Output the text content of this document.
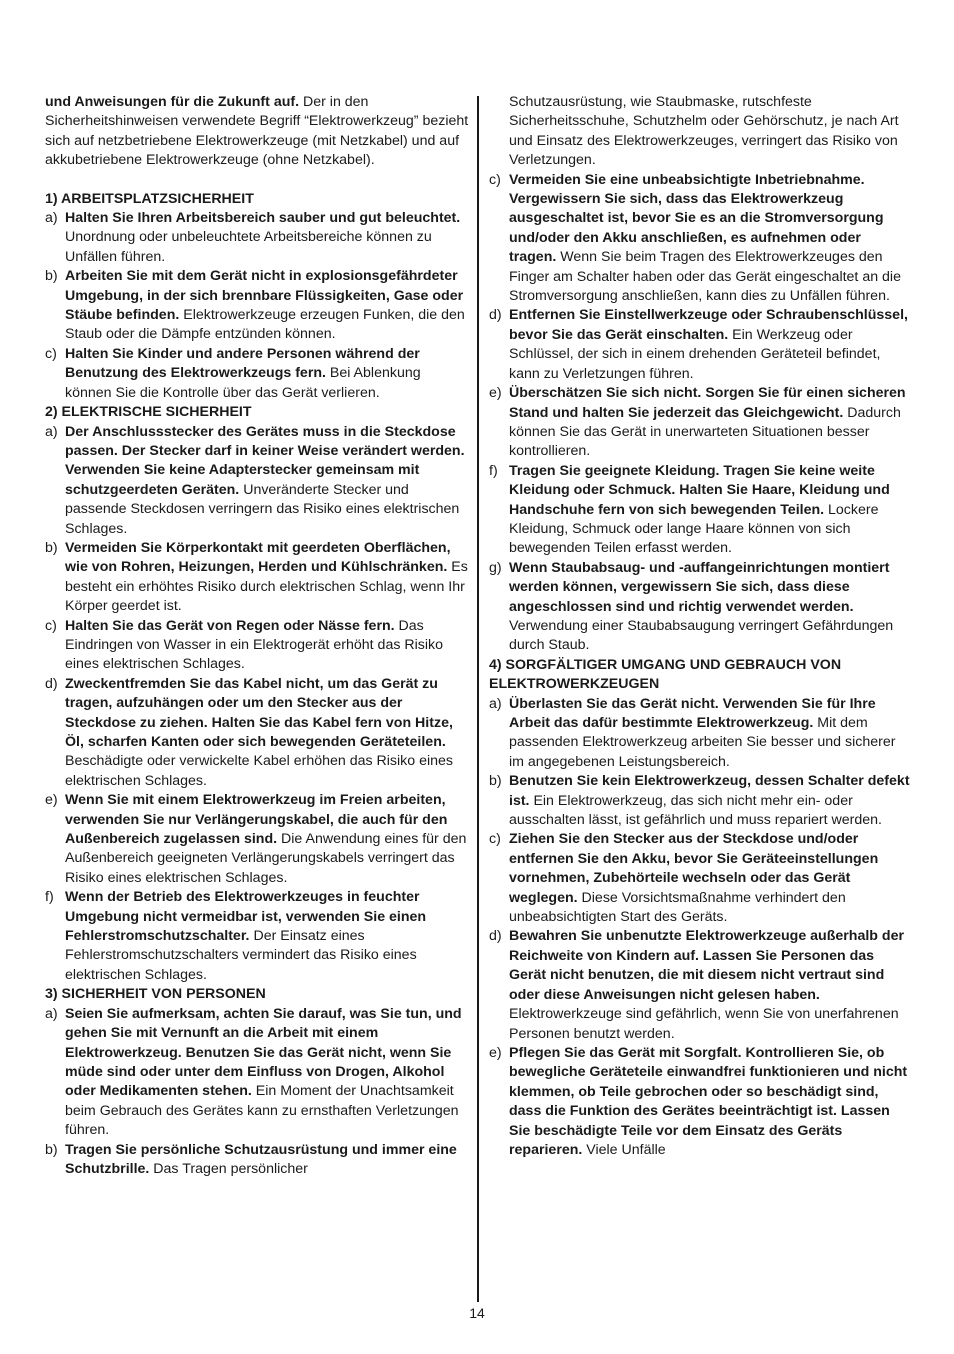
und Anweisungen für die Zukunft auf. Der in den Sicherheitshinweisen verwendete Begriff “Elektrowerkzeug” bezieht sich auf netzbetriebene Elektrowerkzeuge (mit Netzkabel) und auf akkubetriebene Elektrowerkzeuge (ohne Netzkabel).

1) ARBEITSPLATZSICHERHEIT

a) Halten Sie Ihren Arbeitsbereich sauber und gut beleuchtet. Unordnung oder unbeleuchtete Arbeitsbereiche können zu Unfällen führen.

b) Arbeiten Sie mit dem Gerät nicht in explosionsgefährdeter Umgebung, in der sich brennbare Flüssigkeiten, Gase oder Stäube befinden. Elektrowerkzeuge erzeugen Funken, die den Staub oder die Dämpfe entzünden können.

c) Halten Sie Kinder und andere Personen während der Benutzung des Elektrowerkzeugs fern. Bei Ablenkung können Sie die Kontrolle über das Gerät verlieren.

2) ELEKTRISCHE SICHERHEIT

a) Der Anschlussstecker des Gerätes muss in die Steckdose passen. Der Stecker darf in keiner Weise verändert werden. Verwenden Sie keine Adapterstecker gemeinsam mit schutzgeerdeten Geräten. Unveränderte Stecker und passende Steckdosen verringern das Risiko eines elektrischen Schlages.

b) Vermeiden Sie Körperkontakt mit geerdeten Oberflächen, wie von Rohren, Heizungen, Herden und Kühlschränken. Es besteht ein erhöhtes Risiko durch elektrischen Schlag, wenn Ihr Körper geerdet ist.

c) Halten Sie das Gerät von Regen oder Nässe fern. Das Eindringen von Wasser in ein Elektrogerät erhöht das Risiko eines elektrischen Schlages.

d) Zweckentfremden Sie das Kabel nicht, um das Gerät zu tragen, aufzuhängen oder um den Stecker aus der Steckdose zu ziehen. Halten Sie das Kabel fern von Hitze, Öl, scharfen Kanten oder sich bewegenden Geräteteilen. Beschädigte oder verwickelte Kabel erhöhen das Risiko eines elektrischen Schlages.

e) Wenn Sie mit einem Elektrowerkzeug im Freien arbeiten, verwenden Sie nur Verlängerungskabel, die auch für den Außenbereich zugelassen sind. Die Anwendung eines für den Außenbereich geeigneten Verlängerungskabels verringert das Risiko eines elektrischen Schlages.

f) Wenn der Betrieb des Elektrowerkzeuges in feuchter Umgebung nicht vermeidbar ist, verwenden Sie einen Fehlerstromschutzschalter. Der Einsatz eines Fehlerstromschutzschalters vermindert das Risiko eines elektrischen Schlages.

3) SICHERHEIT VON PERSONEN

a) Seien Sie aufmerksam, achten Sie darauf, was Sie tun, und gehen Sie mit Vernunft an die Arbeit mit einem Elektrowerkzeug. Benutzen Sie das Gerät nicht, wenn Sie müde sind oder unter dem Einfluss von Drogen, Alkohol oder Medikamenten stehen. Ein Moment der Unachtsamkeit beim Gebrauch des Gerätes kann zu ernsthaften Verletzungen führen.

b) Tragen Sie persönliche Schutzausrüstung und immer eine Schutzbrille. Das Tragen persönlicher

Schutzausrüstung, wie Staubmaske, rutschfeste Sicherheitsschuhe, Schutzhelm oder Gehörschutz, je nach Art und Einsatz des Elektrowerkzeuges, verringert das Risiko von Verletzungen.

c) Vermeiden Sie eine unbeabsichtigte Inbetriebnahme. Vergewissern Sie sich, dass das Elektrowerkzeug ausgeschaltet ist, bevor Sie es an die Stromversorgung und/oder den Akku anschließen, es aufnehmen oder tragen. Wenn Sie beim Tragen des Elektrowerkzeuges den Finger am Schalter haben oder das Gerät eingeschaltet an die Stromversorgung anschließen, kann dies zu Unfällen führen.

d) Entfernen Sie Einstellwerkzeuge oder Schraubenschlüssel, bevor Sie das Gerät einschalten. Ein Werkzeug oder Schlüssel, der sich in einem drehenden Geräteteil befindet, kann zu Verletzungen führen.

e) Überschätzen Sie sich nicht. Sorgen Sie für einen sicheren Stand und halten Sie jederzeit das Gleichgewicht. Dadurch können Sie das Gerät in unerwarteten Situationen besser kontrollieren.

f) Tragen Sie geeignete Kleidung. Tragen Sie keine weite Kleidung oder Schmuck. Halten Sie Haare, Kleidung und Handschuhe fern von sich bewegenden Teilen. Lockere Kleidung, Schmuck oder lange Haare können von sich bewegenden Teilen erfasst werden.

g) Wenn Staubabsaug- und -auffangeinrichtungen montiert werden können, vergewissern Sie sich, dass diese angeschlossen sind und richtig verwendet werden. Verwendung einer Staubabsaugung verringert Gefährdungen durch Staub.

4) SORGFÄLTIGER UMGANG UND GEBRAUCH VON ELEKTROWERKZEUGEN

a) Überlasten Sie das Gerät nicht. Verwenden Sie für Ihre Arbeit das dafür bestimmte Elektrowerkzeug. Mit dem passenden Elektrowerkzeug arbeiten Sie besser und sicherer im angegebenen Leistungsbereich.

b) Benutzen Sie kein Elektrowerkzeug, dessen Schalter defekt ist. Ein Elektrowerkzeug, das sich nicht mehr ein- oder ausschalten lässt, ist gefährlich und muss repariert werden.

c) Ziehen Sie den Stecker aus der Steckdose und/oder entfernen Sie den Akku, bevor Sie Geräteeinstellungen vornehmen, Zubehörteile wechseln oder das Gerät weglegen. Diese Vorsichtsmaßnahme verhindert den unbeabsichtigten Start des Geräts.

d) Bewahren Sie unbenutzte Elektrowerkzeuge außerhalb der Reichweite von Kindern auf. Lassen Sie Personen das Gerät nicht benutzen, die mit diesem nicht vertraut sind oder diese Anweisungen nicht gelesen haben. Elektrowerkzeuge sind gefährlich, wenn Sie von unerfahrenen Personen benutzt werden.

e) Pflegen Sie das Gerät mit Sorgfalt. Kontrollieren Sie, ob bewegliche Geräteteile einwandfrei funktionieren und nicht klemmen, ob Teile gebrochen oder so beschädigt sind, dass die Funktion des Gerätes beeinträchtigt ist. Lassen Sie beschädigte Teile vor dem Einsatz des Geräts reparieren. Viele Unfälle

14
